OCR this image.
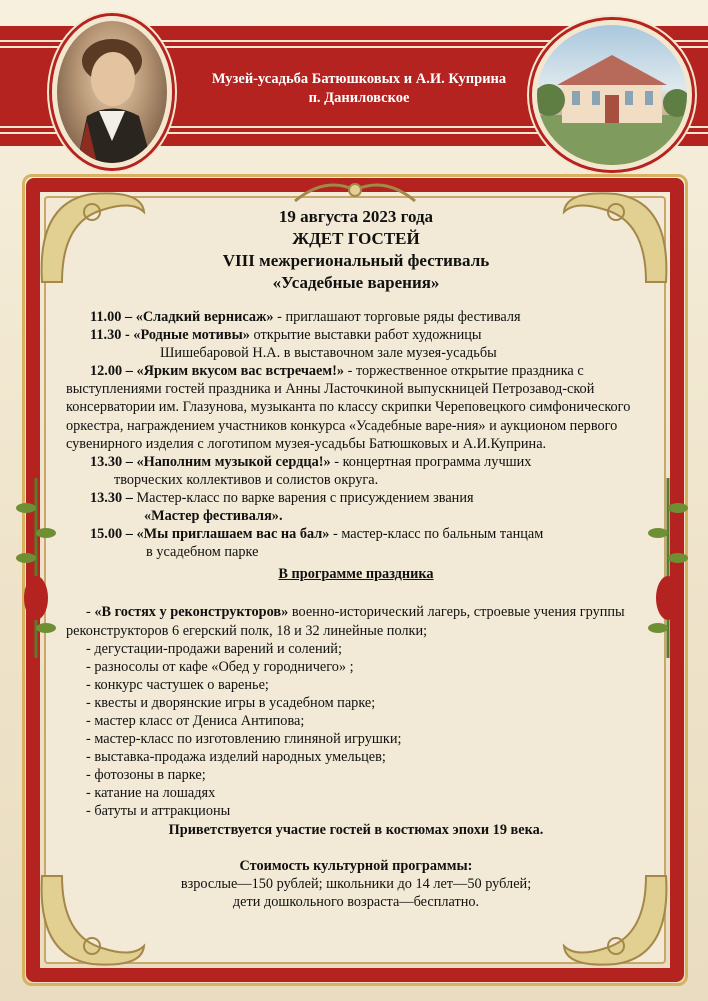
Музей-усадьба Батюшковых и А.И. Куприна
п. Даниловское
19 августа 2023 года
ЖДЕТ ГОСТЕЙ
VIII межрегиональный фестиваль
«Усадебные варения»

11.00 – «Сладкий вернисаж» - приглашают торговые ряды фестиваля

11.30 - «Родные мотивы» открытие выставки работ художницы

Шишебаровой Н.А. в выставочном зале музея-усадьбы

12.00 – «Ярким вкусом вас встречаем!» - торжественное открытие праздника с выступлениями гостей праздника и Анны Ласточкиной выпускницей Петрозавод-ской консерватории им. Глазунова, музыканта по классу скрипки Череповецкого симфонического оркестра, награждением участников конкурса «Усадебные варе-ния» и аукционом первого сувенирного изделия с логотипом музея-усадьбы Батюшковых и А.И.Куприна.

13.30 – «Наполним музыкой сердца!» - концертная программа лучших

творческих коллективов и солистов округа.

13.30 – Мастер-класс по варке варения с присуждением звания

«Мастер фестиваля».

15.00 – «Мы приглашаем вас на бал» - мастер-класс по бальным танцам

в усадебном парке

В программе праздника

- «В гостях у реконструкторов» военно-исторический лагерь, строевые учения группы реконструкторов 6 егерский полк, 18 и 32 линейные полки;

- дегустации-продажи варений и солений;

- разносолы от кафе «Обед у городничего» ;

- конкурс частушек о варенье;

- квесты и дворянские игры в усадебном парке;

- мастер класс от Дениса Антипова;

- мастер-класс по изготовлению глиняной игрушки;

- выставка-продажа изделий народных умельцев;

- фотозоны в парке;

- катание на лошадях

- батуты и аттракционы

Приветствуется участие гостей в костюмах эпохи 19 века.

Стоимость культурной программы:

взрослые—150 рублей; школьники до 14 лет—50 рублей;

дети дошкольного возраста—бесплатно.
